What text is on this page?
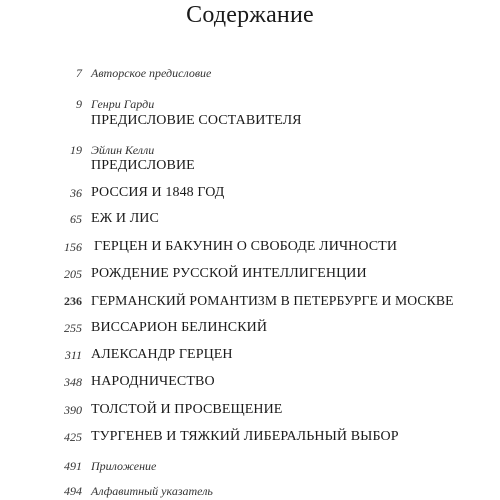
Содержание
7 Авторское предисловие
9 Генри Гарди
ПРЕДИСЛОВИЕ СОСТАВИТЕЛЯ
19 Эйлин Келли
ПРЕДИСЛОВИЕ
36 РОССИЯ И 1848 ГОД
65 ЕЖ И ЛИС
156 ГЕРЦЕН И БАКУНИН О СВОБОДЕ ЛИЧНОСТИ
205 РОЖДЕНИЕ РУССКОЙ ИНТЕЛЛИГЕНЦИИ
236 ГЕРМАНСКИЙ РОМАНТИЗМ В ПЕТЕРБУРГЕ И МОСКВЕ
255 ВИССАРИОН БЕЛИНСКИЙ
311 АЛЕКСАНДР ГЕРЦЕН
348 НАРОДНИЧЕСТВО
390 ТОЛСТОЙ И ПРОСВЕЩЕНИЕ
425 ТУРГЕНЕВ И ТЯЖКИЙ ЛИБЕРАЛЬНЫЙ ВЫБОР
491 Приложение
494 Алфавитный указатель
